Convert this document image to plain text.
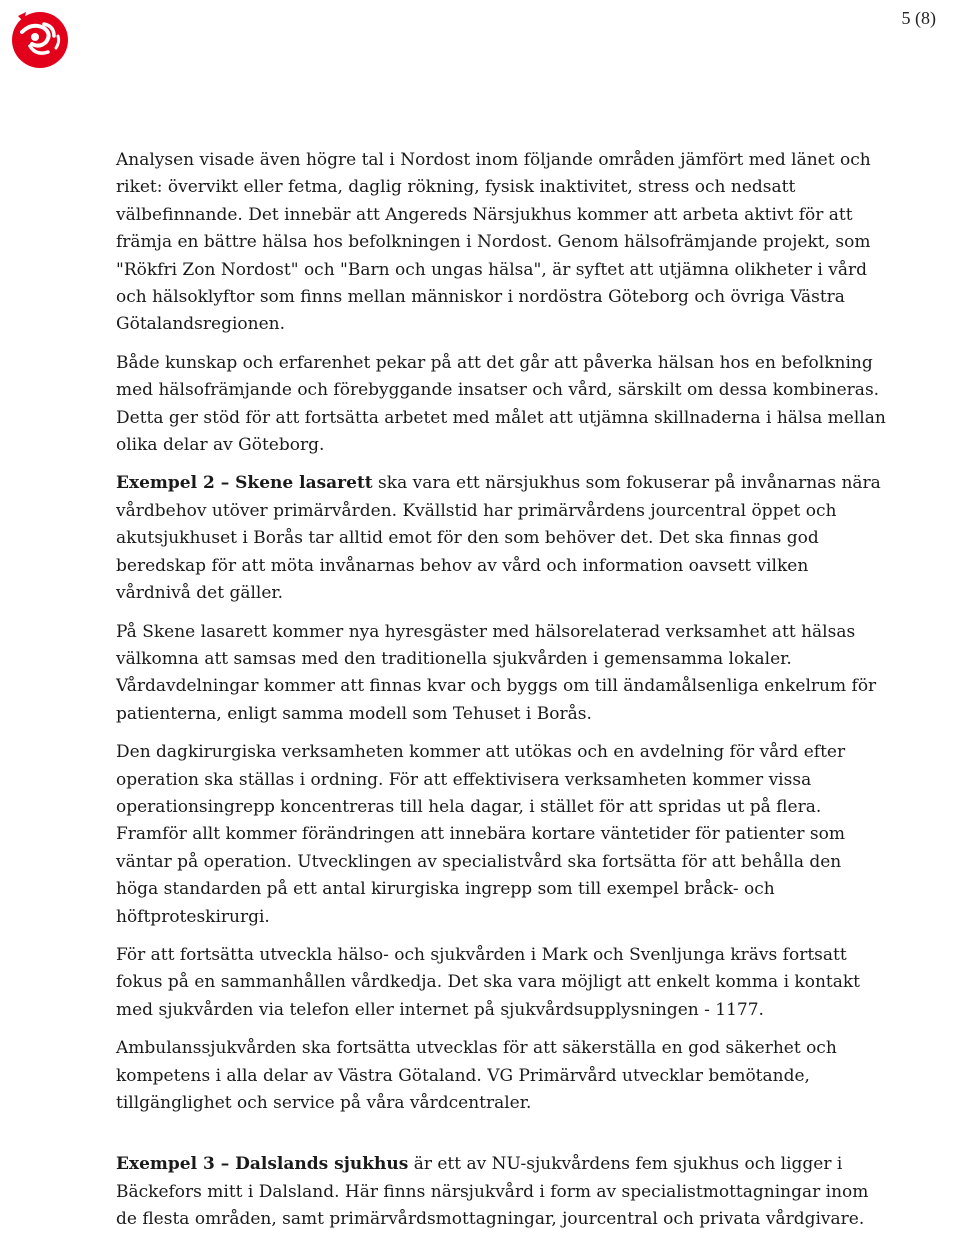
5 (8)

Analysen visade även högre tal i Nordost inom följande områden jämfört med länet och riket: övervikt eller fetma, daglig rökning, fysisk inaktivitet, stress och nedsatt välbefinnande. Det innebär att Angereds Närsjukhus kommer att arbeta aktivt för att främja en bättre hälsa hos befolkningen i Nordost. Genom hälsofrämjande projekt, som "Rökfri Zon Nordost" och "Barn och ungas hälsa", är syftet att utjämna olikheter i vård och hälsoklyftor som finns mellan människor i nordöstra Göteborg och övriga Västra Götalandsregionen.

Både kunskap och erfarenhet pekar på att det går att påverka hälsan hos en befolkning med hälsofrämjande och förebyggande insatser och vård, särskilt om dessa kombineras. Detta ger stöd för att fortsätta arbetet med målet att utjämna skillnaderna i hälsa mellan olika delar av Göteborg.

Exempel 2 – Skene lasarett ska vara ett närsjukhus som fokuserar på invånarnas nära vårdbehov utöver primärvården. Kvällstid har primärvårdens jourcentral öppet och akutsjukhuset i Borås tar alltid emot för den som behöver det. Det ska finnas god beredskap för att möta invånarnas behov av vård och information oavsett vilken vårdnivå det gäller.

På Skene lasarett kommer nya hyresgäster med hälsorelaterad verksamhet att hälsas välkomna att samsas med den traditionella sjukvården i gemensamma lokaler. Vårdavdelningar kommer att finnas kvar och byggs om till ändamålsenliga enkelrum för patienterna, enligt samma modell som Tehuset i Borås.

Den dagkirurgiska verksamheten kommer att utökas och en avdelning för vård efter operation ska ställas i ordning. För att effektivisera verksamheten kommer vissa operationsingrepp koncentreras till hela dagar, i stället för att spridas ut på flera. Framför allt kommer förändringen att innebära kortare väntetider för patienter som väntar på operation. Utvecklingen av specialistvård ska fortsätta för att behålla den höga standarden på ett antal kirurgiska ingrepp som till exempel bråck- och höftproteskirurgi.

För att fortsätta utveckla hälso- och sjukvården i Mark och Svenljunga krävs fortsatt fokus på en sammanhållen vårdkedja. Det ska vara möjligt att enkelt komma i kontakt med sjukvården via telefon eller internet på sjukvårdsupplysningen - 1177.

Ambulanssjukvården ska fortsätta utvecklas för att säkerställa en god säkerhet och kompetens i alla delar av Västra Götaland. VG Primärvård utvecklar bemötande, tillgänglighet och service på våra vårdcentraler.

Exempel 3 – Dalslands sjukhus är ett av NU-sjukvårdens fem sjukhus och ligger i Bäckefors mitt i Dalsland. Här finns närsjukvård i form av specialistmottagningar inom de flesta områden, samt primärvårdsmottagningar, jourcentral och privata vårdgivare.
